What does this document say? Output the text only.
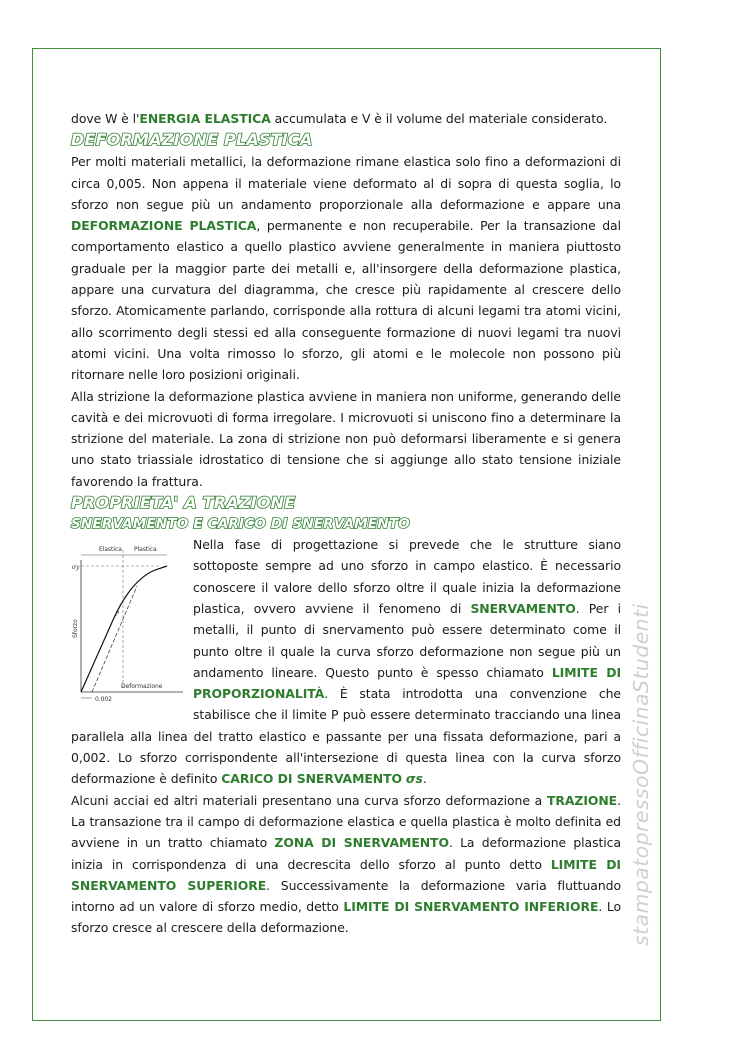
dove W è l'ENERGIA ELASTICA accumulata e V è il volume del materiale considerato.

DEFORMAZIONE PLASTICA

Per molti materiali metallici, la deformazione rimane elastica solo fino a deformazioni di circa 0,005. Non appena il materiale viene deformato al di sopra di questa soglia, lo sforzo non segue più un andamento proporzionale alla deformazione e appare una DEFORMAZIONE PLASTICA, permanente e non recuperabile. Per la transazione dal comportamento elastico a quello plastico avviene generalmente in maniera piuttosto graduale per la maggior parte dei metalli e, all'insorgere della deformazione plastica, appare una curvatura del diagramma, che cresce più rapidamente al crescere dello sforzo. Atomicamente parlando, corrisponde alla rottura di alcuni legami tra atomi vicini, allo scorrimento degli stessi ed alla conseguente formazione di nuovi legami tra nuovi atomi vicini. Una volta rimosso lo sforzo, gli atomi e le molecole non possono più ritornare nelle loro posizioni originali.

Alla strizione la deformazione plastica avviene in maniera non uniforme, generando delle cavità e dei microvuoti di forma irregolare. I microvuoti si uniscono fino a determinare la strizione del materiale. La zona di strizione non può deformarsi liberamente e si genera uno stato triassiale idrostatico di tensione che si aggiunge allo stato tensione iniziale favorendo la frattura.

PROPRIETA' A TRAZIONE
SNERVAMENTO E CARICO DI SNERVAMENTO
Elastica Plastica
σy
P
Sforzo
Deformazione
0.002

Nella fase di progettazione si prevede che le strutture siano sottoposte sempre ad uno sforzo in campo elastico. È necessario conoscere il valore dello sforzo oltre il quale inizia la deformazione plastica, ovvero avviene il fenomeno di SNERVAMENTO. Per i metalli, il punto di snervamento può essere determinato come il punto oltre il quale la curva sforzo deformazione non segue più un andamento lineare. Questo punto è spesso chiamato LIMITE DI PROPORZIONALITÀ. È stata introdotta una convenzione che stabilisce che il limite P può essere determinato tracciando una linea parallela alla linea del tratto elastico e passante per una fissata deformazione, pari a 0,002. Lo sforzo corrispondente all'intersezione di questa linea con la curva sforzo deformazione è definito CARICO DI SNERVAMENTO σs.

Alcuni acciai ed altri materiali presentano una curva sforzo deformazione a TRAZIONE. La transazione tra il campo di deformazione elastica e quella plastica è molto definita ed avviene in un tratto chiamato ZONA DI SNERVAMENTO. La deformazione plastica inizia in corrispondenza di una decrescita dello sforzo al punto detto LIMITE DI SNERVAMENTO SUPERIORE. Successivamente la deformazione varia fluttuando intorno ad un valore di sforzo medio, detto LIMITE DI SNERVAMENTO INFERIORE. Lo sforzo cresce al crescere della deformazione.	stampatopressoOfficinaStudenti
